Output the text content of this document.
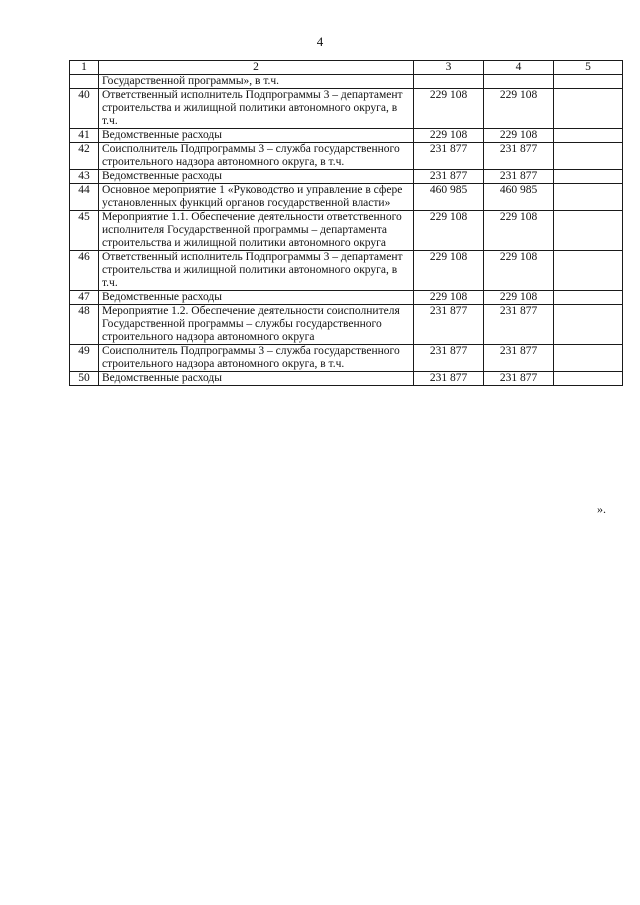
4
1	2	3	4	5
	Государственной программы», в т.ч.			
40	Ответственный исполнитель Подпрограммы 3 – департамент строительства и жилищной политики автономного округа, в т.ч.	229 108	229 108	
41	Ведомственные расходы	229 108	229 108	
42	Соисполнитель Подпрограммы 3 – служба государственного строительного надзора автономного округа, в т.ч.	231 877	231 877	
43	Ведомственные расходы	231 877	231 877	
44	Основное мероприятие 1 «Руководство и управление в сфере установленных функций органов государственной власти»	460 985	460 985	
45	Мероприятие 1.1. Обеспечение деятельности ответственного исполнителя Государственной программы – департамента строительства и жилищной политики автономного округа	229 108	229 108	
46	Ответственный исполнитель Подпрограммы 3 – департамент строительства и жилищной политики автономного округа, в т.ч.	229 108	229 108	
47	Ведомственные расходы	229 108	229 108	
48	Мероприятие 1.2. Обеспечение деятельности соисполнителя Государственной программы – службы государственного строительного надзора автономного округа	231 877	231 877	
49	Соисполнитель Подпрограммы 3 – служба государственного строительного надзора автономного округа, в т.ч.	231 877	231 877	
50	Ведомственные расходы	231 877	231 877	
».
